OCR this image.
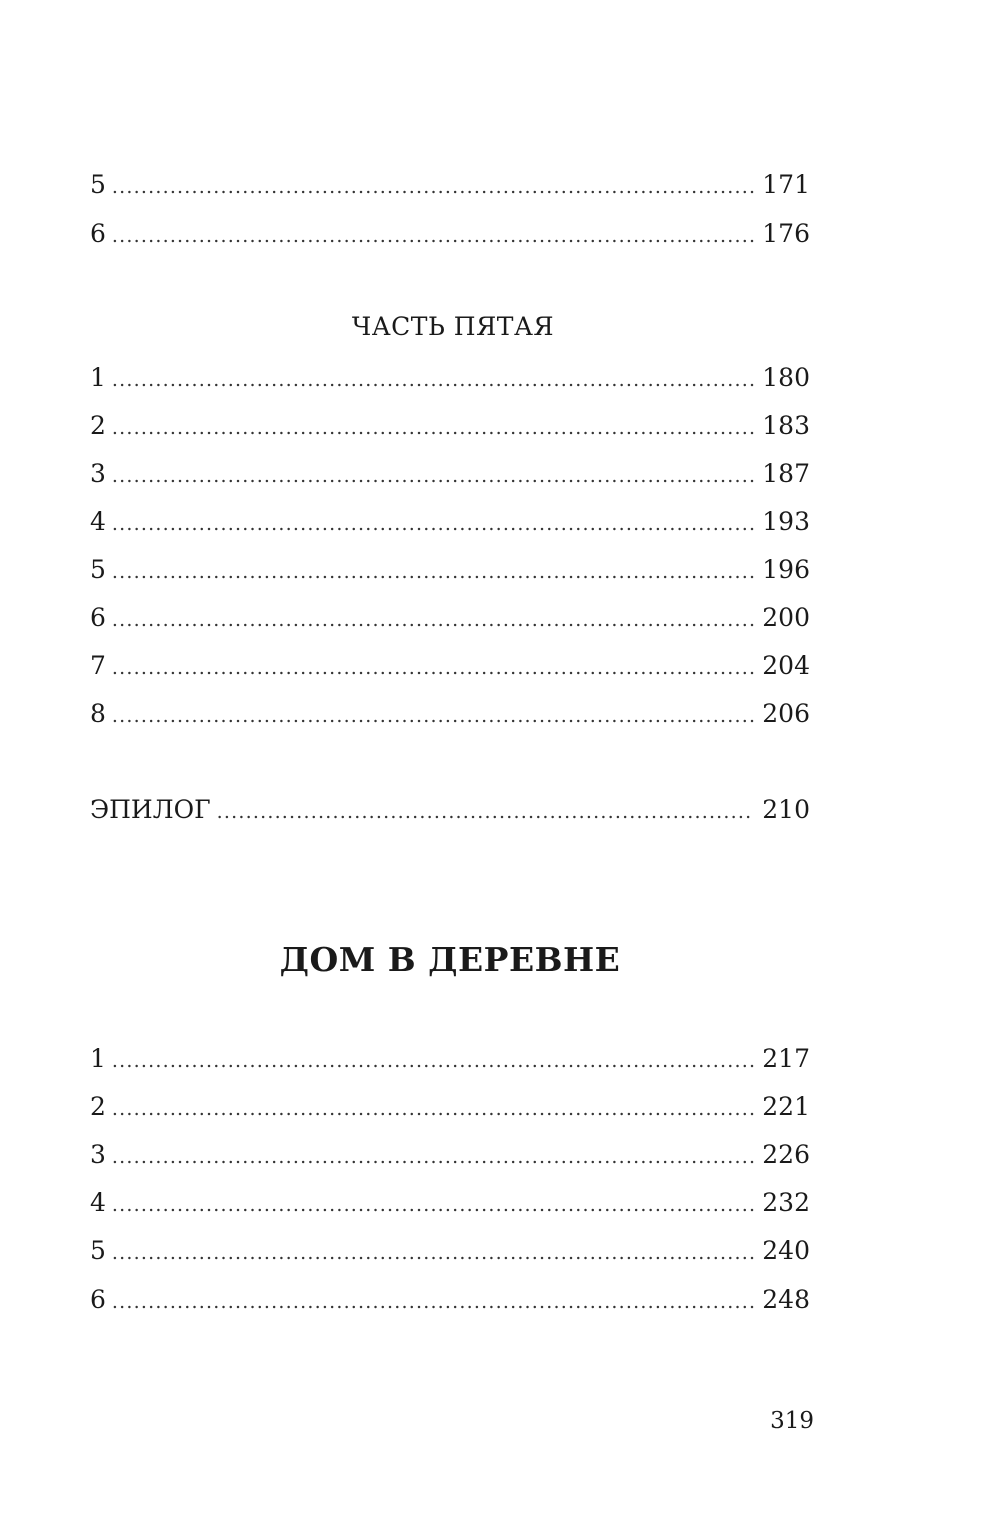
5 .....	171
6 .....	176
ЧАСТЬ ПЯТАЯ
1 .....	180
2 .....	183
3 .....	187
4 .....	193
5 .....	196
6 .....	200
7 .....	204
8 .....	206
ЭПИЛОГ .....	210
ДОМ В ДЕРЕВНЕ
1 .....	217
2 .....	221
3 .....	226
4 .....	232
5 .....	240
6 .....	248
319
